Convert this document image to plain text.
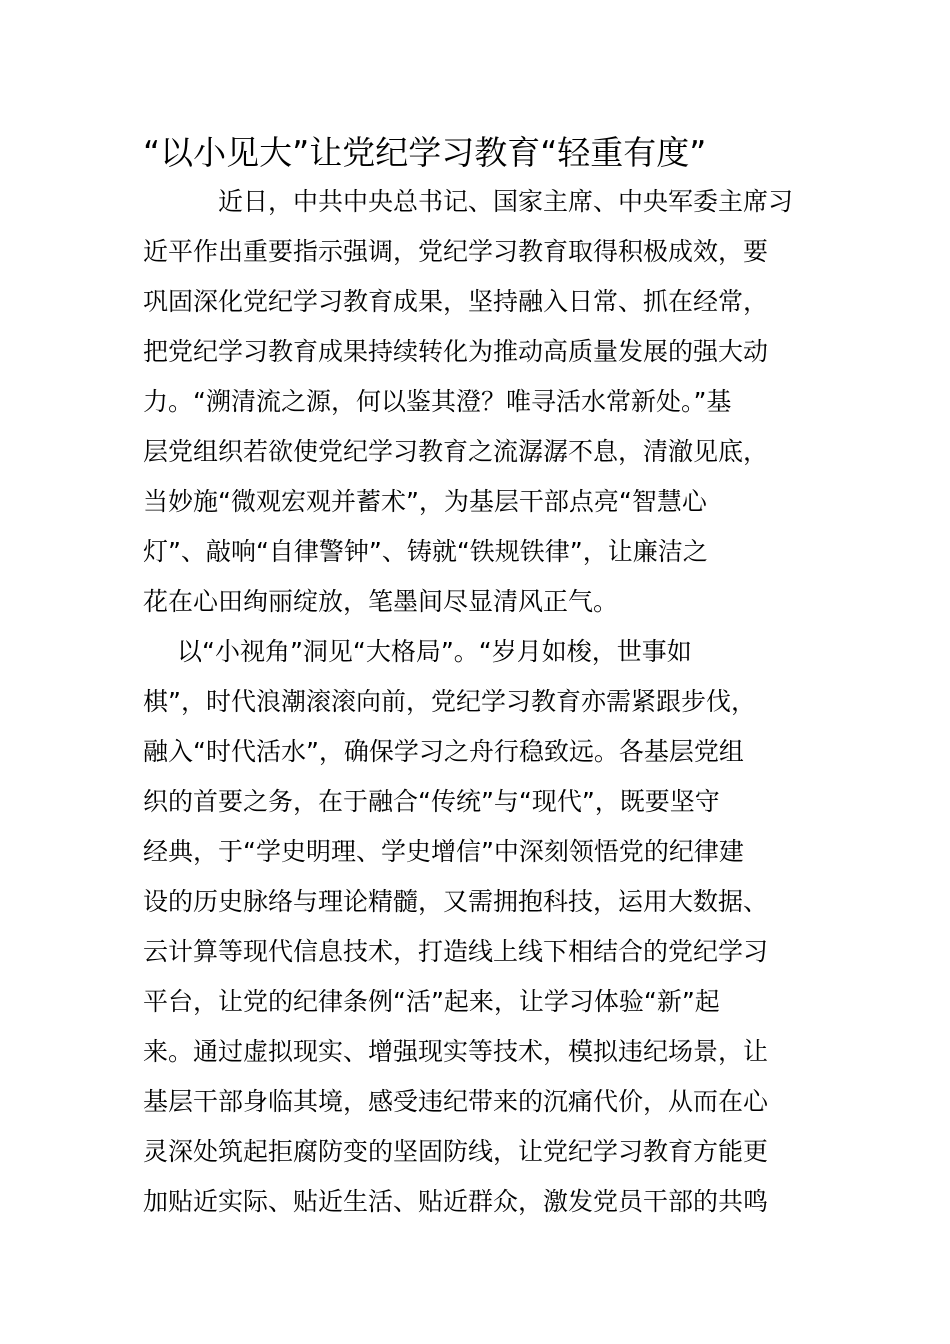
“以小见大”让党纪学习教育“轻重有度”

近日，中共中央总书记、国家主席、中央军委主席习

近平作出重要指示强调，党纪学习教育取得积极成效，要

巩固深化党纪学习教育成果，坚持融入日常、抓在经常，

把党纪学习教育成果持续转化为推动高质量发展的强大动

力。“溯清流之源，何以鉴其澄？唯寻活水常新处。”基

层党组织若欲使党纪学习教育之流潺潺不息，清澈见底，

当妙施“微观宏观并蓄术”，为基层干部点亮“智慧心

灯”、敲响“自律警钟”、铸就“铁规铁律”，让廉洁之

花在心田绚丽绽放，笔墨间尽显清风正气。

以“小视角”洞见“大格局”。“岁月如梭，世事如

棋”，时代浪潮滚滚向前，党纪学习教育亦需紧跟步伐，

融入“时代活水”，确保学习之舟行稳致远。各基层党组

织的首要之务，在于融合“传统”与“现代”，既要坚守

经典，于“学史明理、学史增信”中深刻领悟党的纪律建

设的历史脉络与理论精髓，又需拥抱科技，运用大数据、

云计算等现代信息技术，打造线上线下相结合的党纪学习

平台，让党的纪律条例“活”起来，让学习体验“新”起

来。通过虚拟现实、增强现实等技术，模拟违纪场景，让

基层干部身临其境，感受违纪带来的沉痛代价，从而在心

灵深处筑起拒腐防变的坚固防线，让党纪学习教育方能更

加贴近实际、贴近生活、贴近群众，激发党员干部的共鸣
